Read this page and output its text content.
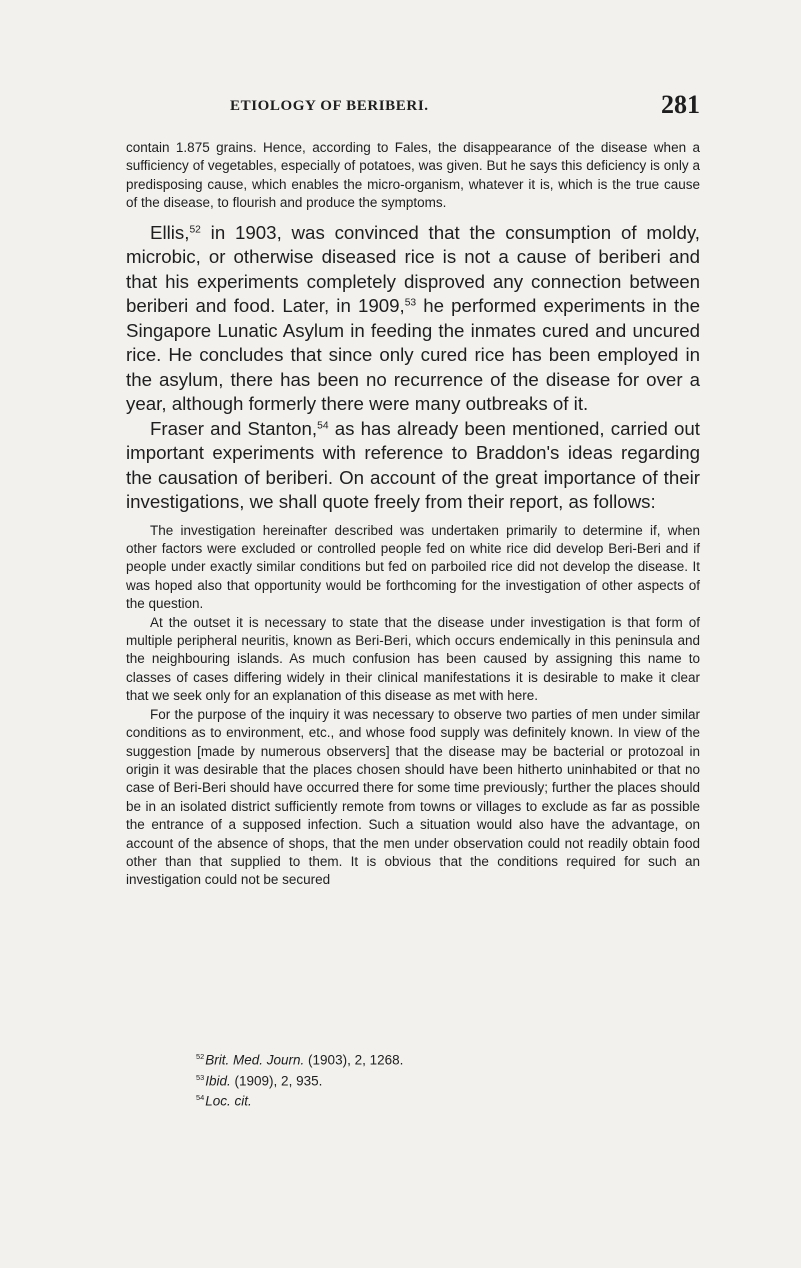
ETIOLOGY OF BERIBERI.	281

contain 1.875 grains. Hence, according to Fales, the disappearance of the disease when a sufficiency of vegetables, especially of potatoes, was given. But he says this deficiency is only a predisposing cause, which enables the micro-organism, whatever it is, which is the true cause of the disease, to flourish and produce the symptoms.

Ellis,$^{52}$ in 1903, was convinced that the consumption of moldy, microbic, or otherwise diseased rice is not a cause of beriberi and that his experiments completely disproved any connection between beriberi and food. Later, in 1909,53 he performed experiments in the Singapore Lunatic Asylum in feeding the inmates cured and uncured rice. He concludes that since only cured rice has been employed in the asylum, there has been no recurrence of the disease for over a year, although formerly there were many outbreaks of it.

Fraser and Stanton,$^{54}$ as has already been mentioned, carried out important experiments with reference to Braddon's ideas regarding the causation of beriberi. On account of the great importance of their investigations, we shall quote freely from their report, as follows:

The investigation hereinafter described was undertaken primarily to determine if, when other factors were excluded or controlled people fed on white rice did develop Beri-Beri and if people under exactly similar conditions but fed on parboiled rice did not develop the disease. It was hoped also that opportunity would be forthcoming for the investigation of other aspects of the question.

At the outset it is necessary to state that the disease under investigation is that form of multiple peripheral neuritis, known as Beri-Beri, which occurs endemically in this peninsula and the neighbouring islands. As much confusion has been caused by assigning this name to classes of cases differing widely in their clinical manifestations it is desirable to make it clear that we seek only for an explanation of this disease as met with here.

For the purpose of the inquiry it was necessary to observe two parties of men under similar conditions as to environment, etc., and whose food supply was definitely known. In view of the suggestion [made by numerous observers] that the disease may be bacterial or protozoal in origin it was desirable that the places chosen should have been hitherto uninhabited or that no case of Beri-Beri should have occurred there for some time previously; further the places should be in an isolated district sufficiently remote from towns or villages to exclude as far as possible the entrance of a supposed infection. Such a situation would also have the advantage, on account of the absence of shops, that the men under observation could not readily obtain food other than that supplied to them. It is obvious that the conditions required for such an investigation could not be secured

$^{52}$Brit. Med. Journ. (1903), 2, 1268.
$^{53}$Ibid. (1909), 2, 935.
$^{54}$Loc. cit.
